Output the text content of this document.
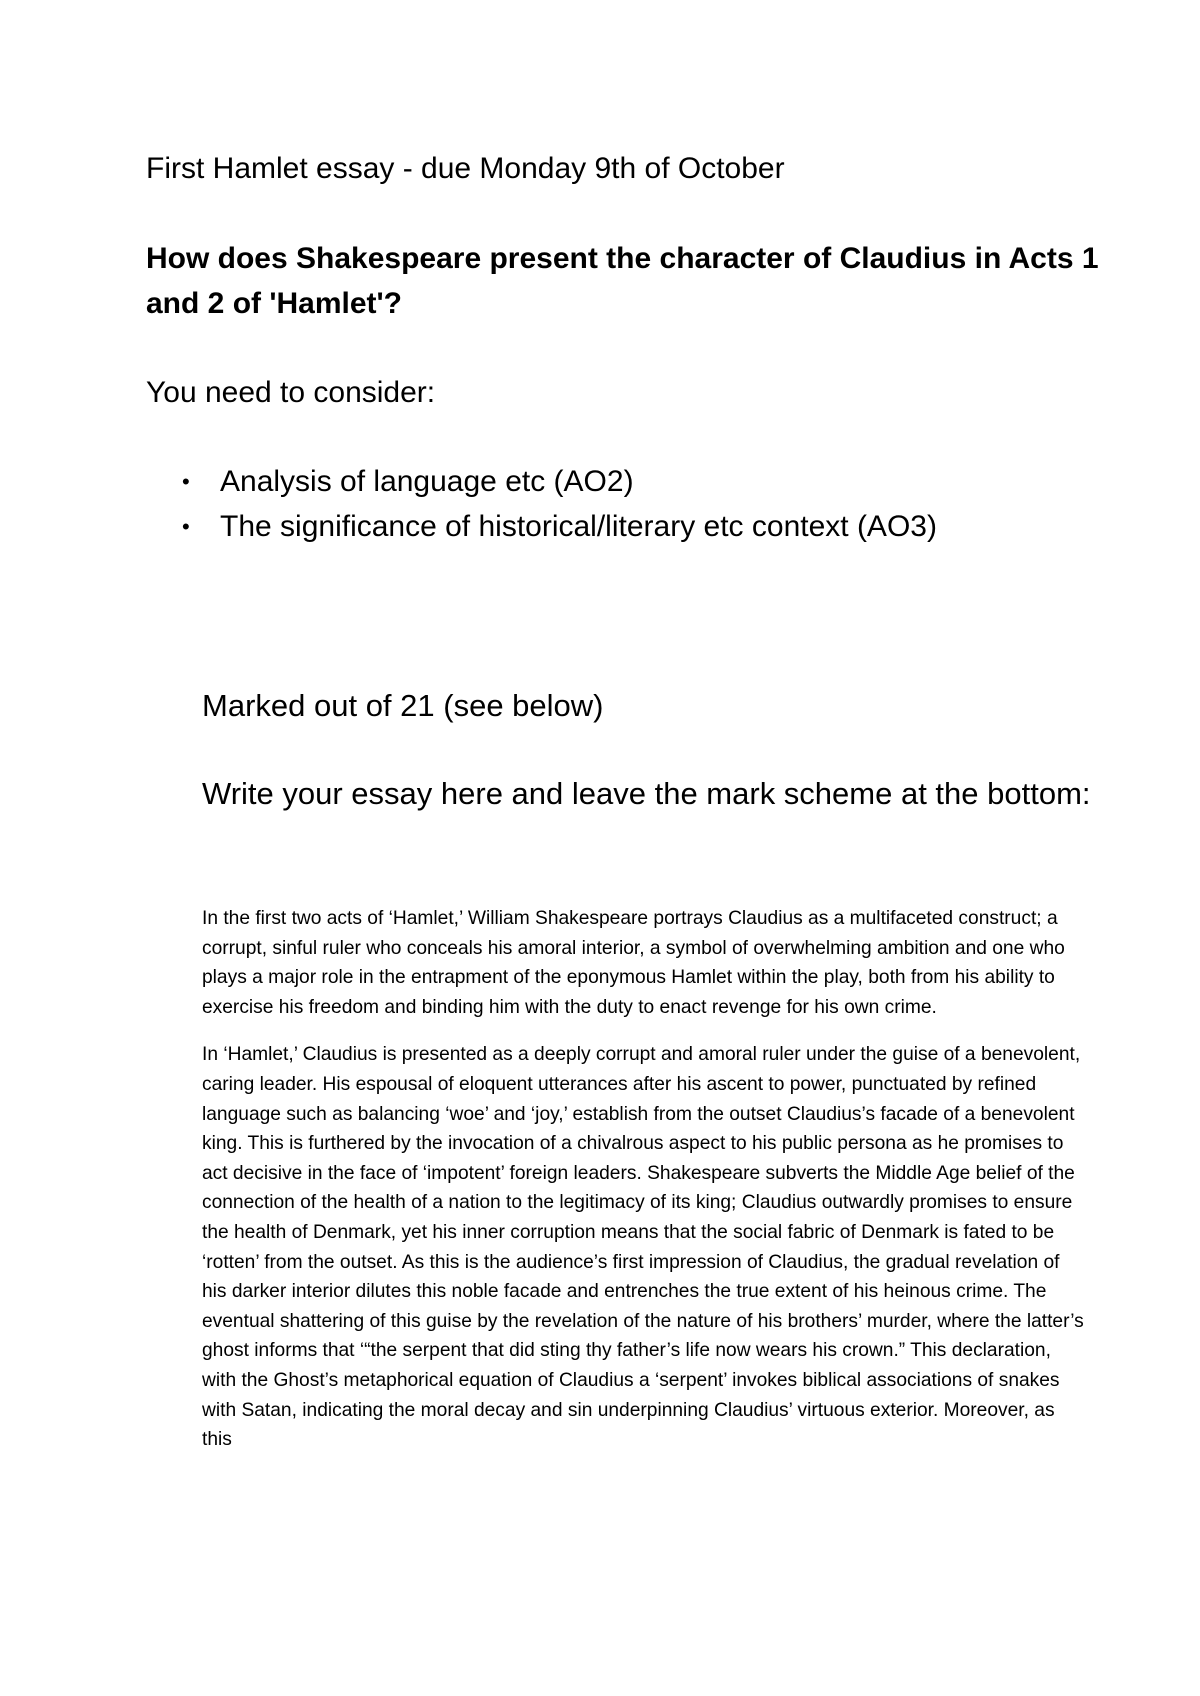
First Hamlet essay - due Monday 9th of October
How does Shakespeare present the character of Claudius in Acts 1 and 2 of 'Hamlet'?
You need to consider:
• Analysis of language etc (AO2)
• The significance of historical/literary etc context (AO3)
Marked out of 21 (see below)
Write your essay here and leave the mark scheme at the bottom:

In the first two acts of ‘Hamlet,’ William Shakespeare portrays Claudius as a multifaceted construct; a corrupt, sinful ruler who conceals his amoral interior, a symbol of overwhelming ambition and one who plays a major role in the entrapment of the eponymous Hamlet within the play, both from his ability to exercise his freedom and binding him with the duty to enact revenge for his own crime.

In ‘Hamlet,’ Claudius is presented as a deeply corrupt and amoral ruler under the guise of a benevolent, caring leader. His espousal of eloquent utterances after his ascent to power, punctuated by refined language such as balancing ‘woe’ and ‘joy,’ establish from the outset Claudius’s facade of a benevolent king. This is furthered by the invocation of a chivalrous aspect to his public persona as he promises to act decisive in the face of ‘impotent’ foreign leaders. Shakespeare subverts the Middle Age belief of the connection of the health of a nation to the legitimacy of its king; Claudius outwardly promises to ensure the health of Denmark, yet his inner corruption means that the social fabric of Denmark is fated to be ‘rotten’ from the outset. As this is the audience’s first impression of Claudius, the gradual revelation of his darker interior dilutes this noble facade and entrenches the true extent of his heinous crime. The eventual shattering of this guise by the revelation of the nature of his brothers’ murder, where the latter’s ghost informs that ‘“the serpent that did sting thy father’s life now wears his crown.” This declaration, with the Ghost’s metaphorical equation of Claudius a ‘serpent’ invokes biblical associations of snakes with Satan, indicating the moral decay and sin underpinning Claudius’ virtuous exterior. Moreover, as this
